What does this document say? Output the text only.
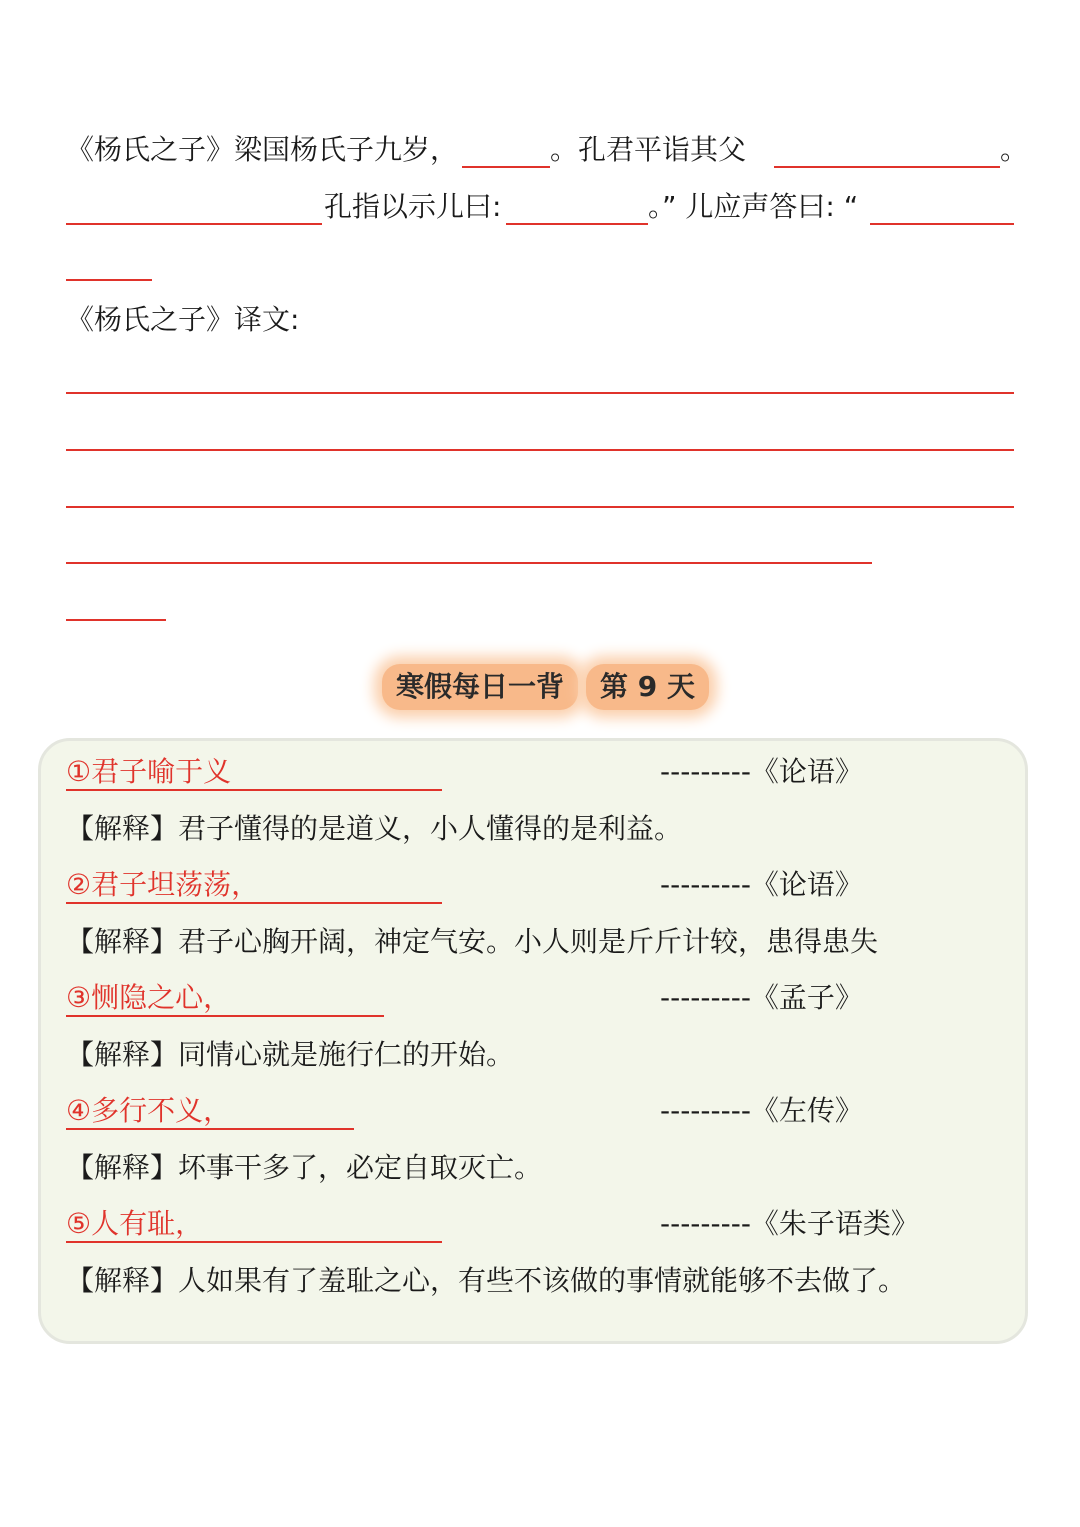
《杨氏之子》梁国杨氏子九岁，	。孔君平诣其父	。
孔指以示儿曰:	。” 儿应声答曰: “
《杨氏之子》译文:
寒假每日一背	第 9 天
①君子喻于义	---------《论语》
【解释】君子懂得的是道义，小人懂得的是利益。
②君子坦荡荡，	---------《论语》
【解释】君子心胸开阔，神定气安。小人则是斤斤计较，患得患失
③恻隐之心，	---------《孟子》
【解释】同情心就是施行仁的开始。
④多行不义，	---------《左传》
【解释】坏事干多了，必定自取灭亡。
⑤人有耻，	---------《朱子语类》
【解释】人如果有了羞耻之心，有些不该做的事情就能够不去做了。
